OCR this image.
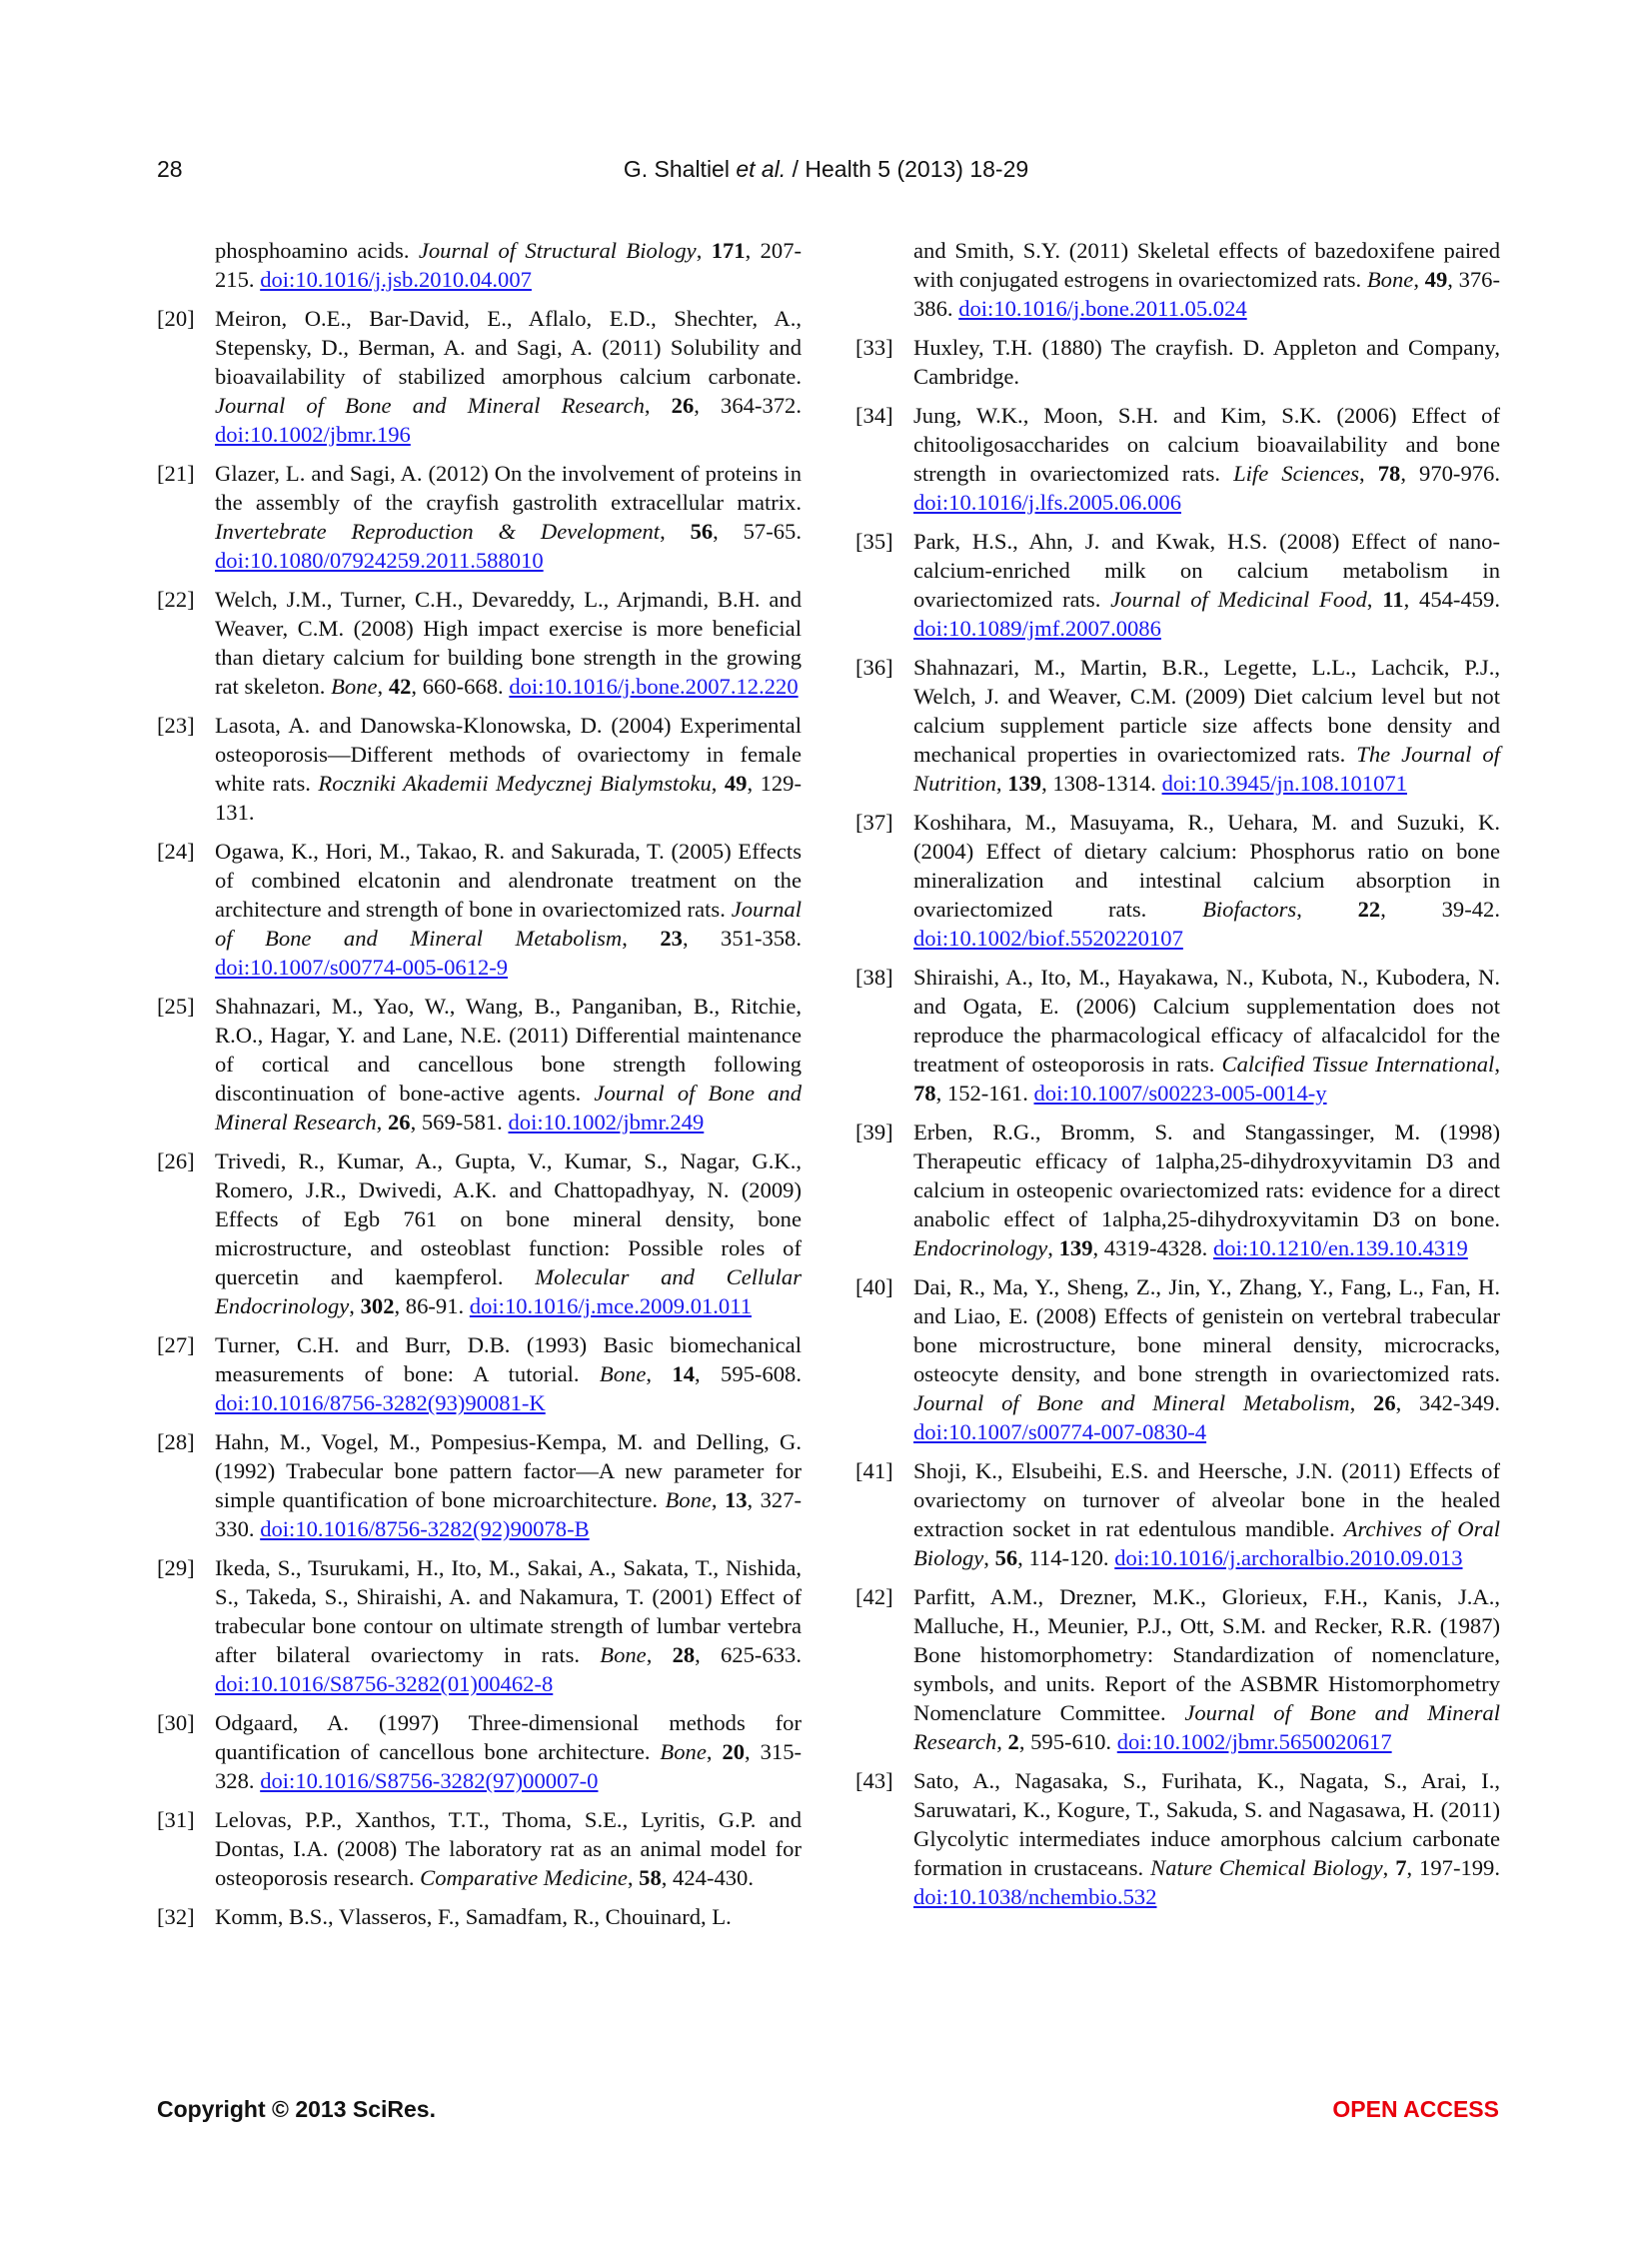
28	G. Shaltiel et al. / Health 5 (2013) 18-29
phosphoamino acids. Journal of Structural Biology, 171, 207-215. doi:10.1016/j.jsb.2010.04.007
[20] Meiron, O.E., Bar-David, E., Aflalo, E.D., Shechter, A., Stepensky, D., Berman, A. and Sagi, A. (2011) Solubility and bioavailability of stabilized amorphous calcium carbonate. Journal of Bone and Mineral Research, 26, 364-372. doi:10.1002/jbmr.196
[21] Glazer, L. and Sagi, A. (2012) On the involvement of proteins in the assembly of the crayfish gastrolith extracellular matrix. Invertebrate Reproduction & Development, 56, 57-65. doi:10.1080/07924259.2011.588010
[22] Welch, J.M., Turner, C.H., Devareddy, L., Arjmandi, B.H. and Weaver, C.M. (2008) High impact exercise is more beneficial than dietary calcium for building bone strength in the growing rat skeleton. Bone, 42, 660-668. doi:10.1016/j.bone.2007.12.220
[23] Lasota, A. and Danowska-Klonowska, D. (2004) Experimental osteoporosis—Different methods of ovariectomy in female white rats. Roczniki Akademii Medycznej Bialymstoku, 49, 129-131.
[24] Ogawa, K., Hori, M., Takao, R. and Sakurada, T. (2005) Effects of combined elcatonin and alendronate treatment on the architecture and strength of bone in ovariectomized rats. Journal of Bone and Mineral Metabolism, 23, 351-358. doi:10.1007/s00774-005-0612-9
[25] Shahnazari, M., Yao, W., Wang, B., Panganiban, B., Ritchie, R.O., Hagar, Y. and Lane, N.E. (2011) Differential maintenance of cortical and cancellous bone strength following discontinuation of bone-active agents. Journal of Bone and Mineral Research, 26, 569-581. doi:10.1002/jbmr.249
[26] Trivedi, R., Kumar, A., Gupta, V., Kumar, S., Nagar, G.K., Romero, J.R., Dwivedi, A.K. and Chattopadhyay, N. (2009) Effects of Egb 761 on bone mineral density, bone microstructure, and osteoblast function: Possible roles of quercetin and kaempferol. Molecular and Cellular Endocrinology, 302, 86-91. doi:10.1016/j.mce.2009.01.011
[27] Turner, C.H. and Burr, D.B. (1993) Basic biomechanical measurements of bone: A tutorial. Bone, 14, 595-608. doi:10.1016/8756-3282(93)90081-K
[28] Hahn, M., Vogel, M., Pompesius-Kempa, M. and Delling, G. (1992) Trabecular bone pattern factor—A new parameter for simple quantification of bone microarchitecture. Bone, 13, 327-330. doi:10.1016/8756-3282(92)90078-B
[29] Ikeda, S., Tsurukami, H., Ito, M., Sakai, A., Sakata, T., Nishida, S., Takeda, S., Shiraishi, A. and Nakamura, T. (2001) Effect of trabecular bone contour on ultimate strength of lumbar vertebra after bilateral ovariectomy in rats. Bone, 28, 625-633. doi:10.1016/S8756-3282(01)00462-8
[30] Odgaard, A. (1997) Three-dimensional methods for quantification of cancellous bone architecture. Bone, 20, 315-328. doi:10.1016/S8756-3282(97)00007-0
[31] Lelovas, P.P., Xanthos, T.T., Thoma, S.E., Lyritis, G.P. and Dontas, I.A. (2008) The laboratory rat as an animal model for osteoporosis research. Comparative Medicine, 58, 424-430.
[32] Komm, B.S., Vlasseros, F., Samadfam, R., Chouinard, L.
and Smith, S.Y. (2011) Skeletal effects of bazedoxifene paired with conjugated estrogens in ovariectomized rats. Bone, 49, 376-386. doi:10.1016/j.bone.2011.05.024
[33] Huxley, T.H. (1880) The crayfish. D. Appleton and Company, Cambridge.
[34] Jung, W.K., Moon, S.H. and Kim, S.K. (2006) Effect of chitooligosaccharides on calcium bioavailability and bone strength in ovariectomized rats. Life Sciences, 78, 970-976. doi:10.1016/j.lfs.2005.06.006
[35] Park, H.S., Ahn, J. and Kwak, H.S. (2008) Effect of nano-calcium-enriched milk on calcium metabolism in ovariectomized rats. Journal of Medicinal Food, 11, 454-459. doi:10.1089/jmf.2007.0086
[36] Shahnazari, M., Martin, B.R., Legette, L.L., Lachcik, P.J., Welch, J. and Weaver, C.M. (2009) Diet calcium level but not calcium supplement particle size affects bone density and mechanical properties in ovariectomized rats. The Journal of Nutrition, 139, 1308-1314. doi:10.3945/jn.108.101071
[37] Koshihara, M., Masuyama, R., Uehara, M. and Suzuki, K. (2004) Effect of dietary calcium: Phosphorus ratio on bone mineralization and intestinal calcium absorption in ovariectomized rats. Biofactors, 22, 39-42. doi:10.1002/biof.5520220107
[38] Shiraishi, A., Ito, M., Hayakawa, N., Kubota, N., Kubodera, N. and Ogata, E. (2006) Calcium supplementation does not reproduce the pharmacological efficacy of alfacalcidol for the treatment of osteoporosis in rats. Calcified Tissue International, 78, 152-161. doi:10.1007/s00223-005-0014-y
[39] Erben, R.G., Bromm, S. and Stangassinger, M. (1998) Therapeutic efficacy of 1alpha,25-dihydroxyvitamin D3 and calcium in osteopenic ovariectomized rats: evidence for a direct anabolic effect of 1alpha,25-dihydroxyvitamin D3 on bone. Endocrinology, 139, 4319-4328. doi:10.1210/en.139.10.4319
[40] Dai, R., Ma, Y., Sheng, Z., Jin, Y., Zhang, Y., Fang, L., Fan, H. and Liao, E. (2008) Effects of genistein on vertebral trabecular bone microstructure, bone mineral density, microcracks, osteocyte density, and bone strength in ovariectomized rats. Journal of Bone and Mineral Metabolism, 26, 342-349. doi:10.1007/s00774-007-0830-4
[41] Shoji, K., Elsubeihi, E.S. and Heersche, J.N. (2011) Effects of ovariectomy on turnover of alveolar bone in the healed extraction socket in rat edentulous mandible. Archives of Oral Biology, 56, 114-120. doi:10.1016/j.archoralbio.2010.09.013
[42] Parfitt, A.M., Drezner, M.K., Glorieux, F.H., Kanis, J.A., Malluche, H., Meunier, P.J., Ott, S.M. and Recker, R.R. (1987) Bone histomorphometry: Standardization of nomenclature, symbols, and units. Report of the ASBMR Histomorphometry Nomenclature Committee. Journal of Bone and Mineral Research, 2, 595-610. doi:10.1002/jbmr.5650020617
[43] Sato, A., Nagasaka, S., Furihata, K., Nagata, S., Arai, I., Saruwatari, K., Kogure, T., Sakuda, S. and Nagasawa, H. (2011) Glycolytic intermediates induce amorphous calcium carbonate formation in crustaceans. Nature Chemical Biology, 7, 197-199. doi:10.1038/nchembio.532
Copyright © 2013 SciRes.	OPEN ACCESS
